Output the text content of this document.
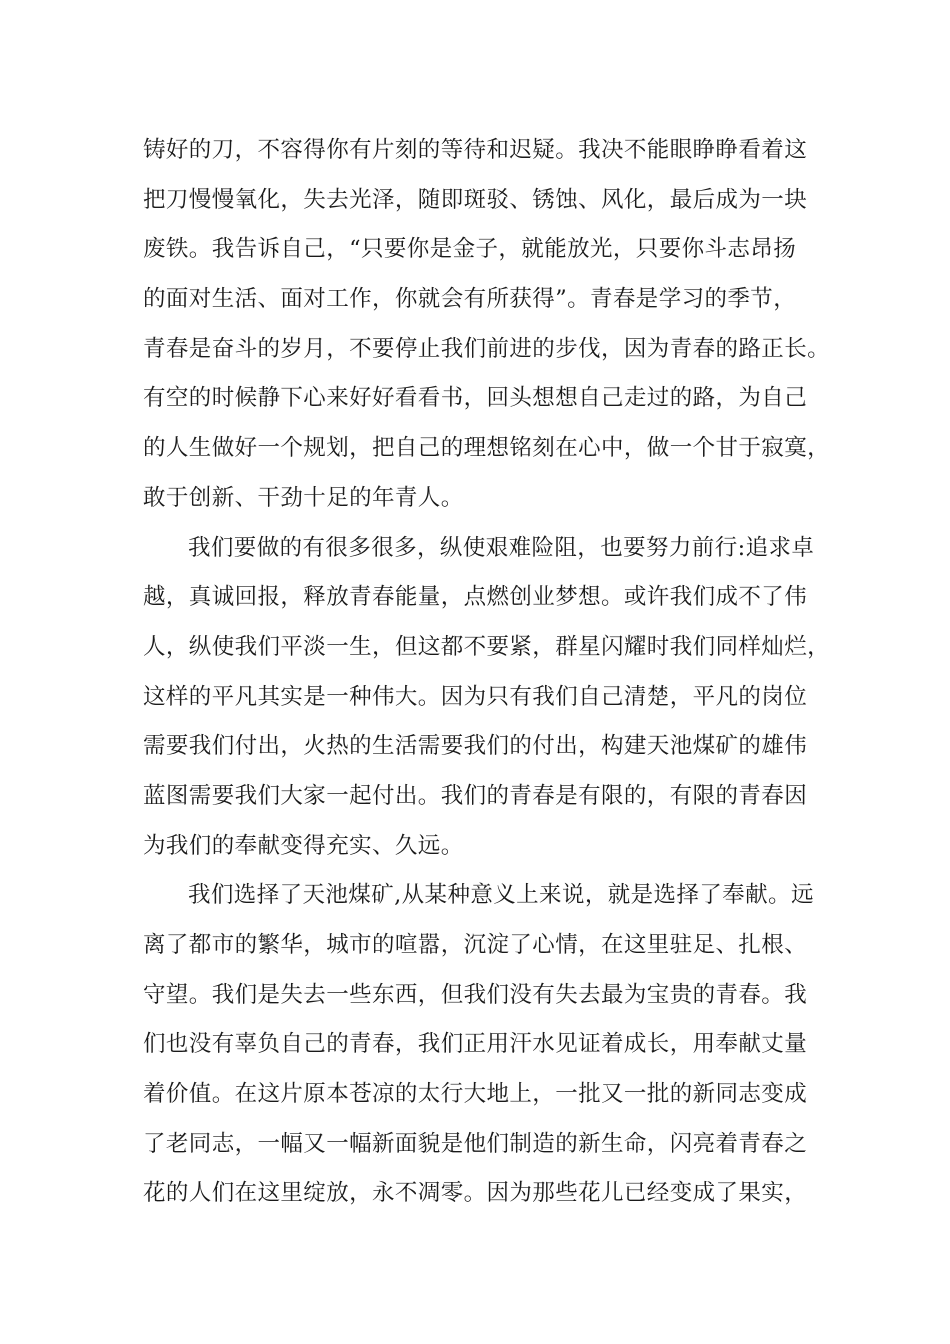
铸好的刀，不容得你有片刻的等待和迟疑。我决不能眼睁睁看着这
把刀慢慢氧化，失去光泽，随即斑驳、锈蚀、风化，最后成为一块
废铁。我告诉自己，“只要你是金子，就能放光，只要你斗志昂扬
的面对生活、面对工作，你就会有所获得”。青春是学习的季节，
青春是奋斗的岁月，不要停止我们前进的步伐，因为青春的路正长。
有空的时候静下心来好好看看书，回头想想自己走过的路，为自己
的人生做好一个规划，把自己的理想铭刻在心中，做一个甘于寂寞，
敢于创新、干劲十足的年青人。
我们要做的有很多很多，纵使艰难险阻，也要努力前行:追求卓
越，真诚回报，释放青春能量，点燃创业梦想。或许我们成不了伟
人，纵使我们平淡一生，但这都不要紧，群星闪耀时我们同样灿烂，
这样的平凡其实是一种伟大。因为只有我们自己清楚，平凡的岗位
需要我们付出，火热的生活需要我们的付出，构建天池煤矿的雄伟
蓝图需要我们大家一起付出。我们的青春是有限的，有限的青春因
为我们的奉献变得充实、久远。
我们选择了天池煤矿,从某种意义上来说，就是选择了奉献。远
离了都市的繁华，城市的喧嚣，沉淀了心情，在这里驻足、扎根、
守望。我们是失去一些东西，但我们没有失去最为宝贵的青春。我
们也没有辜负自己的青春，我们正用汗水见证着成长，用奉献丈量
着价值。在这片原本苍凉的太行大地上，一批又一批的新同志变成
了老同志，一幅又一幅新面貌是他们制造的新生命，闪亮着青春之
花的人们在这里绽放，永不凋零。因为那些花儿已经变成了果实，
